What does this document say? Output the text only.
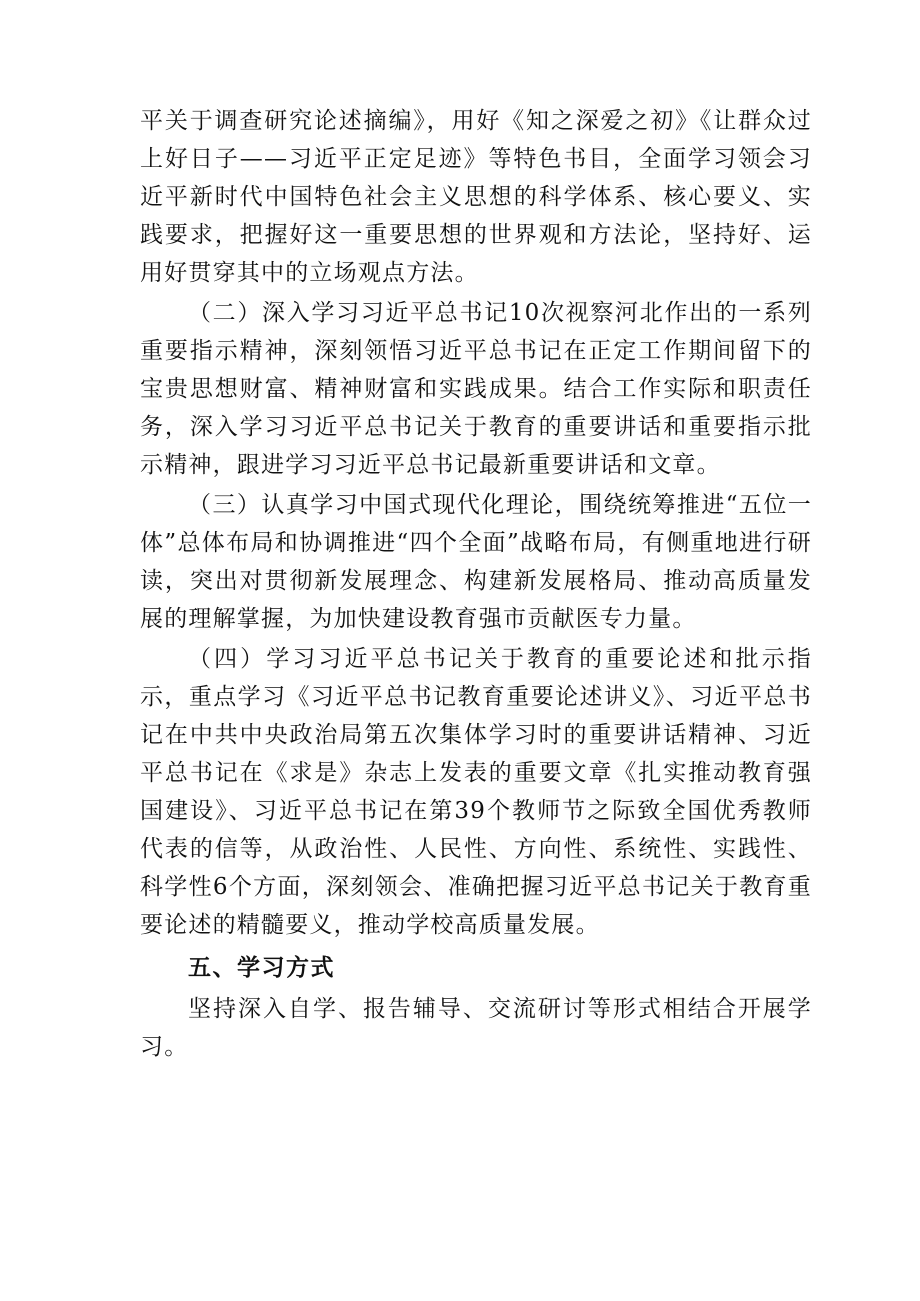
平关于调查研究论述摘编》，用好《知之深爱之初》《让群众过上好日子——习近平正定足迹》等特色书目，全面学习领会习近平新时代中国特色社会主义思想的科学体系、核心要义、实践要求，把握好这一重要思想的世界观和方法论，坚持好、运用好贯穿其中的立场观点方法。

（二）深入学习习近平总书记10次视察河北作出的一系列重要指示精神，深刻领悟习近平总书记在正定工作期间留下的宝贵思想财富、精神财富和实践成果。结合工作实际和职责任务，深入学习习近平总书记关于教育的重要讲话和重要指示批示精神，跟进学习习近平总书记最新重要讲话和文章。

（三）认真学习中国式现代化理论，围绕统筹推进“五位一体”总体布局和协调推进“四个全面”战略布局，有侧重地进行研读，突出对贯彻新发展理念、构建新发展格局、推动高质量发展的理解掌握，为加快建设教育强市贡献医专力量。

（四）学习习近平总书记关于教育的重要论述和批示指示，重点学习《习近平总书记教育重要论述讲义》、习近平总书记在中共中央政治局第五次集体学习时的重要讲话精神、习近平总书记在《求是》杂志上发表的重要文章《扎实推动教育强国建设》、习近平总书记在第39个教师节之际致全国优秀教师代表的信等，从政治性、人民性、方向性、系统性、实践性、科学性6个方面，深刻领会、准确把握习近平总书记关于教育重要论述的精髓要义，推动学校高质量发展。

五、学习方式

坚持深入自学、报告辅导、交流研讨等形式相结合开展学习。
